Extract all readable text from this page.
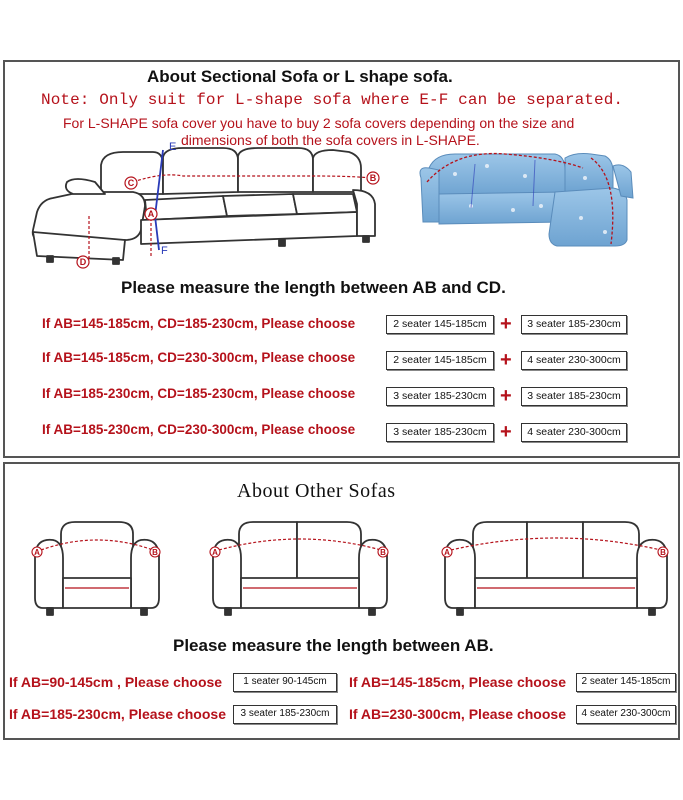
About Sectional Sofa or L shape sofa.
Note: Only suit for L-shape sofa where E-F can be separated.
For L-SHAPE sofa cover you have to buy 2 sofa covers depending on the size and
dimensions of both the sofa covers in L-SHAPE.
C
A
B
D
E
F
Please measure the length between AB and CD.
If AB=145-185cm, CD=185-230cm, Please choose	2 seater 145-185cm +	3 seater 185-230cm
If AB=145-185cm, CD=230-300cm, Please choose	2 seater 145-185cm +	4 seater 230-300cm
If AB=185-230cm, CD=185-230cm, Please choose	3 seater 185-230cm +	3 seater 185-230cm
If AB=185-230cm, CD=230-300cm, Please choose	3 seater 185-230cm +	4 seater 230-300cm
About Other Sofas
A	B	A	B	A	B
Please measure the length between AB.
If AB=90-145cm , Please choose	1 seater 90-145cm	If AB=145-185cm, Please choose	2 seater 145-185cm
If AB=185-230cm, Please choose	3 seater 185-230cm	If AB=230-300cm, Please choose	4 seater 230-300cm
